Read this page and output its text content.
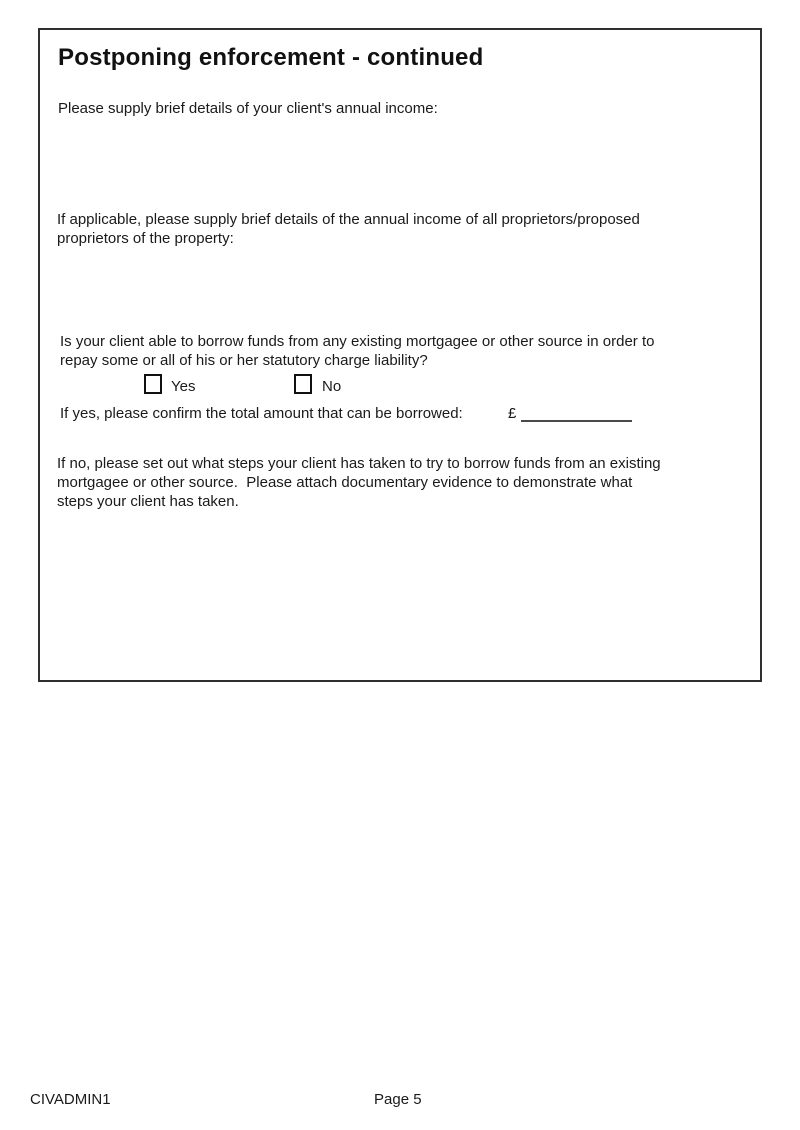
Postponing enforcement - continued
Please supply brief details of your client's annual income:
If applicable, please supply brief details of the annual income of all proprietors/proposed
proprietors of the property:
Is your client able to borrow funds from any existing mortgagee or other source in order to
repay some or all of his or her statutory charge liability?
Yes	No
If yes, please confirm the total amount that can be borrowed:	£
If no, please set out what steps your client has taken to try to borrow funds from an existing
mortgagee or other source.  Please attach documentary evidence to demonstrate what
steps your client has taken.
CIVADMIN1	Page 5
